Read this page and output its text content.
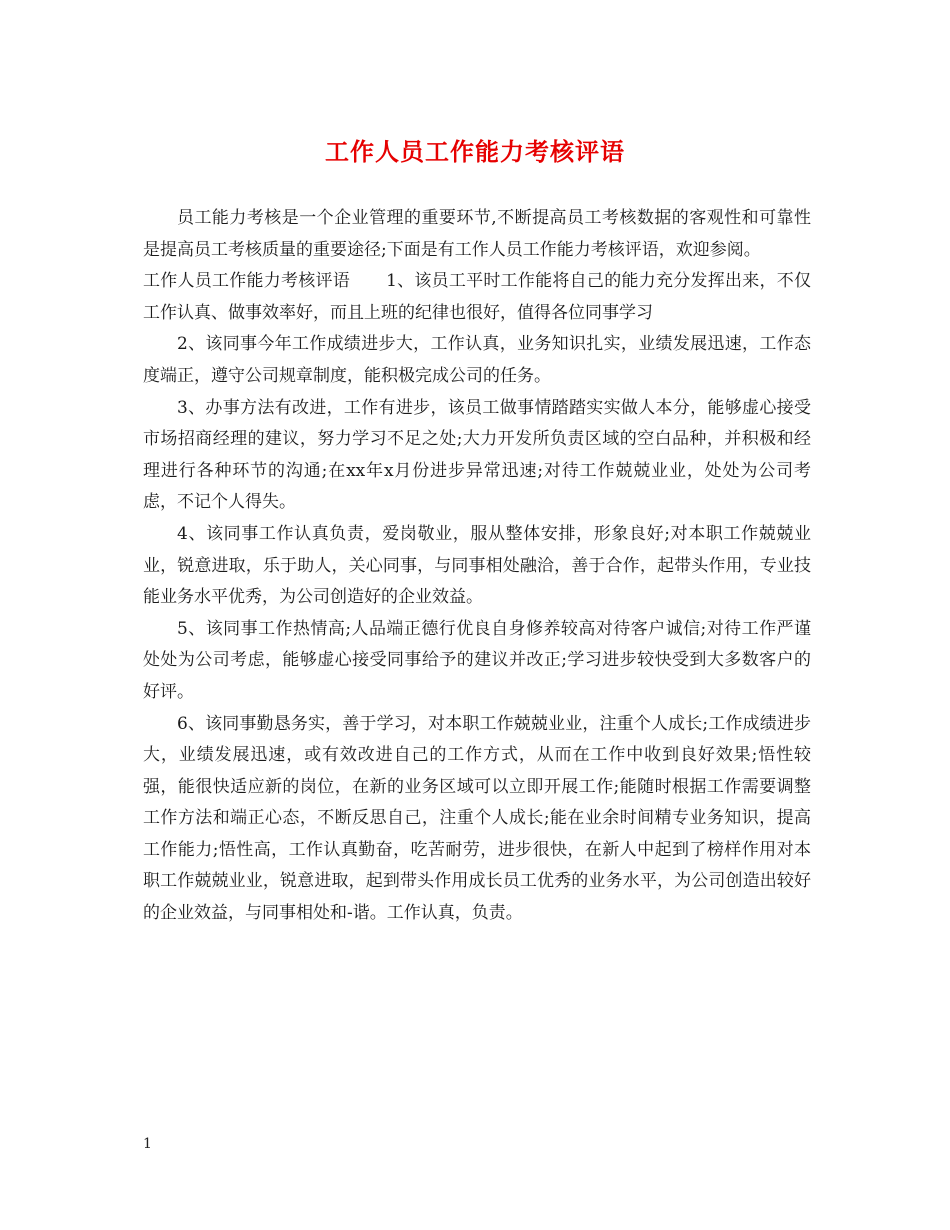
工作人员工作能力考核评语

员工能力考核是一个企业管理的重要环节,不断提高员工考核数据的客观性和可靠性是提高员工考核质量的重要途径;下面是有工作人员工作能力考核评语，欢迎参阅。

工作人员工作能力考核评语 1、该员工平时工作能将自己的能力充分发挥出来，不仅工作认真、做事效率好，而且上班的纪律也很好，值得各位同事学习

2、该同事今年工作成绩进步大，工作认真，业务知识扎实，业绩发展迅速，工作态度端正，遵守公司规章制度，能积极完成公司的任务。

3、办事方法有改进，工作有进步，该员工做事情踏踏实实做人本分，能够虚心接受市场招商经理的建议，努力学习不足之处;大力开发所负责区域的空白品种，并积极和经理进行各种环节的沟通;在xx年x月份进步异常迅速;对待工作兢兢业业，处处为公司考虑，不记个人得失。

4、该同事工作认真负责，爱岗敬业，服从整体安排，形象良好;对本职工作兢兢业业，锐意进取，乐于助人，关心同事，与同事相处融洽，善于合作，起带头作用，专业技能业务水平优秀，为公司创造好的企业效益。

5、该同事工作热情高;人品端正德行优良自身修养较高对待客户诚信;对待工作严谨处处为公司考虑，能够虚心接受同事给予的建议并改正;学习进步较快受到大多数客户的好评。

6、该同事勤恳务实，善于学习，对本职工作兢兢业业，注重个人成长;工作成绩进步大，业绩发展迅速，或有效改进自己的工作方式，从而在工作中收到良好效果;悟性较强，能很快适应新的岗位，在新的业务区域可以立即开展工作;能随时根据工作需要调整工作方法和端正心态，不断反思自己，注重个人成长;能在业余时间精专业务知识，提高工作能力;悟性高，工作认真勤奋，吃苦耐劳，进步很快，在新人中起到了榜样作用对本职工作兢兢业业，锐意进取，起到带头作用成长员工优秀的业务水平，为公司创造出较好的企业效益，与同事相处和-谐。工作认真，负责。

1
